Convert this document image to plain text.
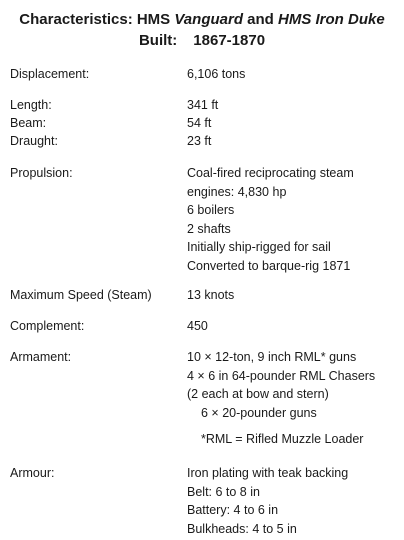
Characteristics: HMS Vanguard and HMS Iron Duke
Built: 1867-1870
Displacement:	6,106 tons
Length:	341 ft
Beam:	54 ft
Draught:	23 ft
Propulsion:	Coal-fired reciprocating steam
engines: 4,830 hp
6 boilers
2 shafts
Initially ship-rigged for sail
Converted to barque-rig 1871
Maximum Speed (Steam)	13 knots
Complement:	450
Armament:	10 × 12-ton, 9 inch RML* guns
4 × 6 in 64-pounder RML Chasers
(2 each at bow and stern)
6 × 20-pounder guns
*RML = Rifled Muzzle Loader
Armour:	Iron plating with teak backing
Belt: 6 to 8 in
Battery: 4 to 6 in
Bulkheads: 4 to 5 in
